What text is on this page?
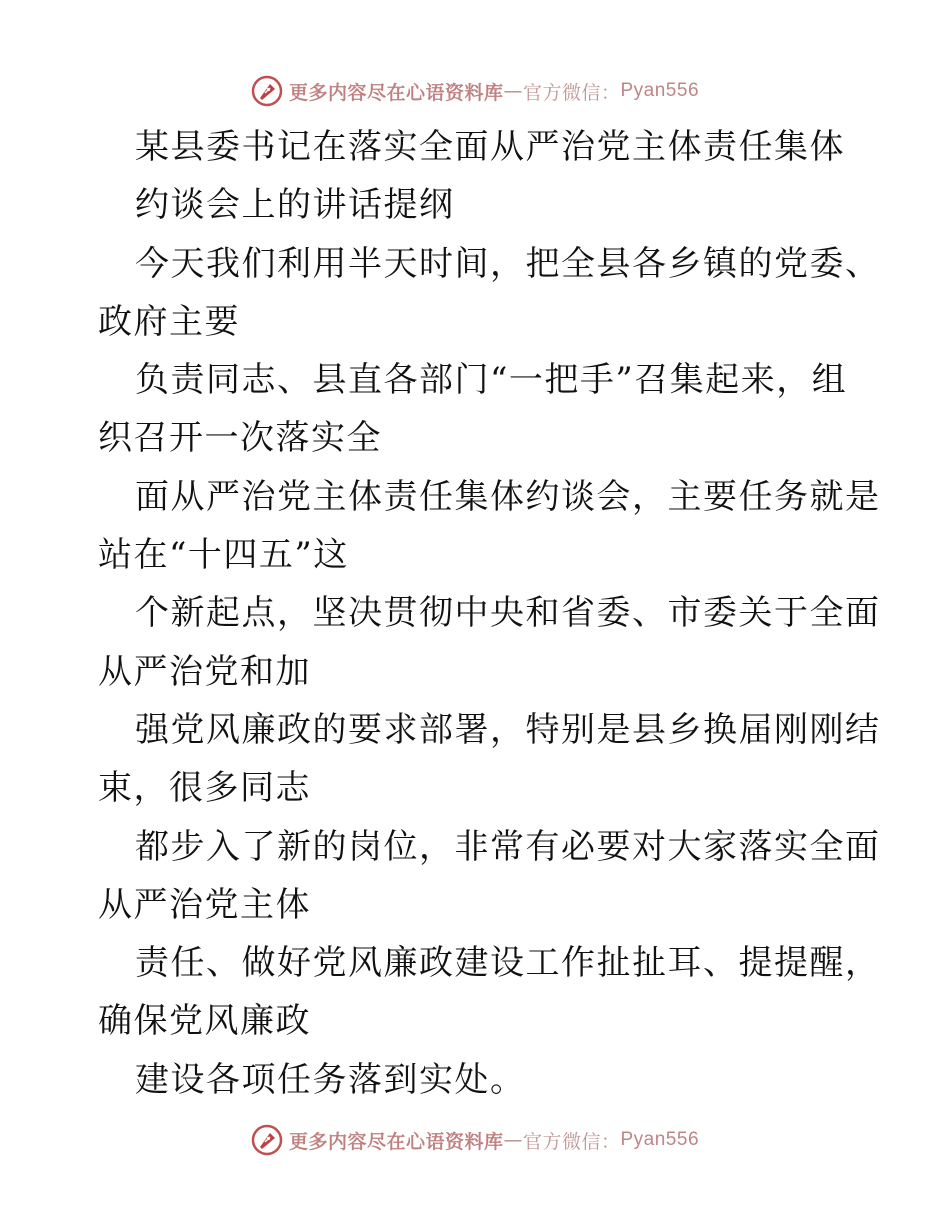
更多内容尽在心语资料库 — 官方微信： Pyan556
某县委书记在落实全面从严治党主体责任集体
约谈会上的讲话提纲
今天我们利用半天时间，把全县各乡镇的党委、
政府主要
负责同志、县直各部门“一把手”召集起来，组
织召开一次落实全
面从严治党主体责任集体约谈会，主要任务就是
站在“十四五”这
个新起点，坚决贯彻中央和省委、市委关于全面
从严治党和加
强党风廉政的要求部署，特别是县乡换届刚刚结
束，很多同志
都步入了新的岗位，非常有必要对大家落实全面
从严治党主体
责任、做好党风廉政建设工作扯扯耳、提提醒，
确保党风廉政
建设各项任务落到实处。
更多内容尽在心语资料库 — 官方微信： Pyan556
